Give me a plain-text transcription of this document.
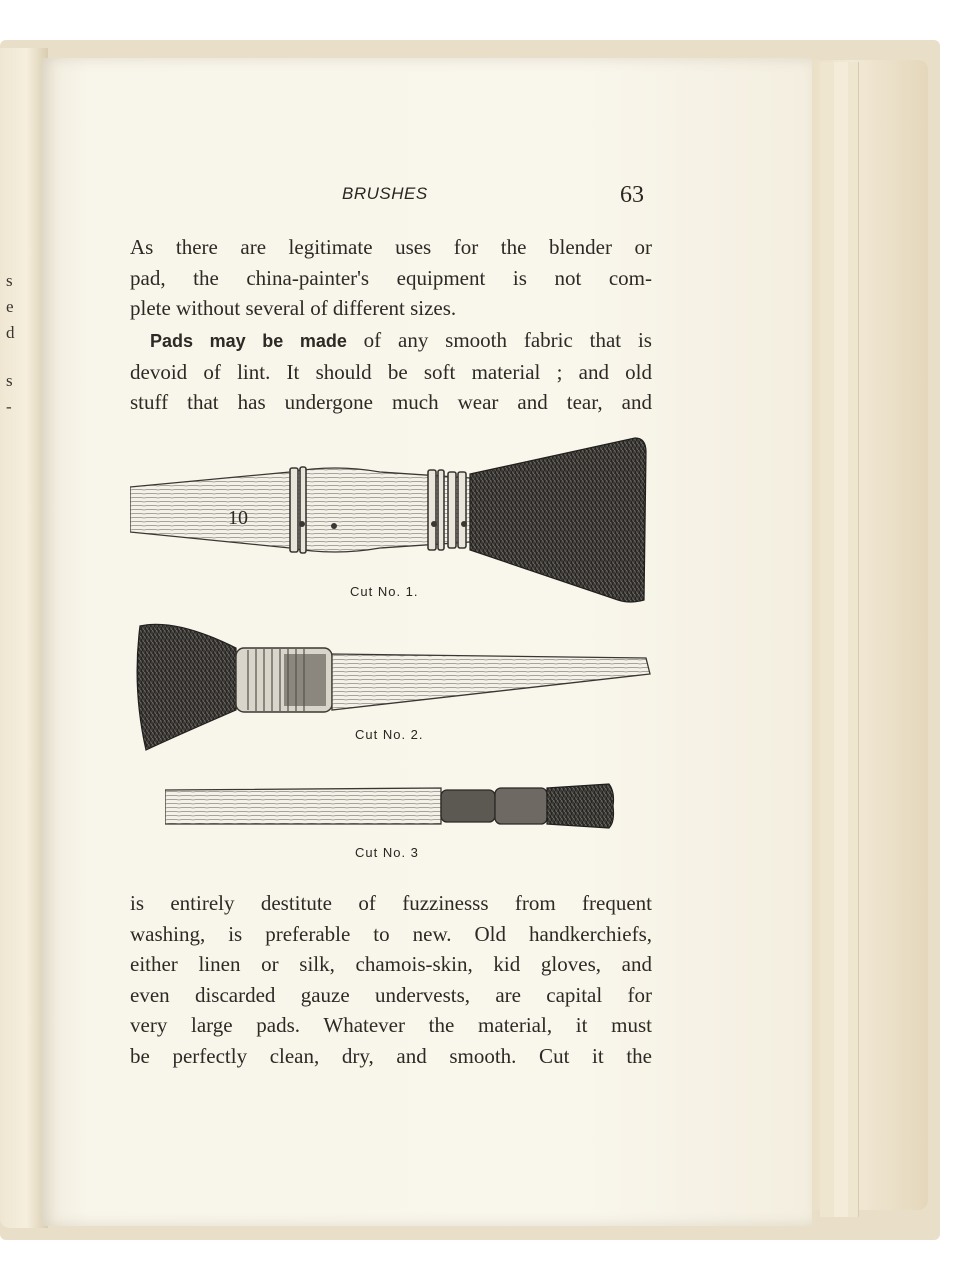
s
e
d
s
-
BRUSHES	63
As there are legitimate uses for the blender or
pad, the china-painter's equipment is not com-
plete without several of different sizes.
Pads may be made of any smooth fabric that is
devoid of lint. It should be soft material ; and old
stuff that has undergone much wear and tear, and
10
Cut No. 1.
Cut No. 2.
Cut No. 3
is entirely destitute of fuzzinesss from frequent
washing, is preferable to new. Old handkerchiefs,
either linen or silk, chamois-skin, kid gloves, and
even discarded gauze undervests, are capital for
very large pads. Whatever the material, it must
be perfectly clean, dry, and smooth. Cut it the
